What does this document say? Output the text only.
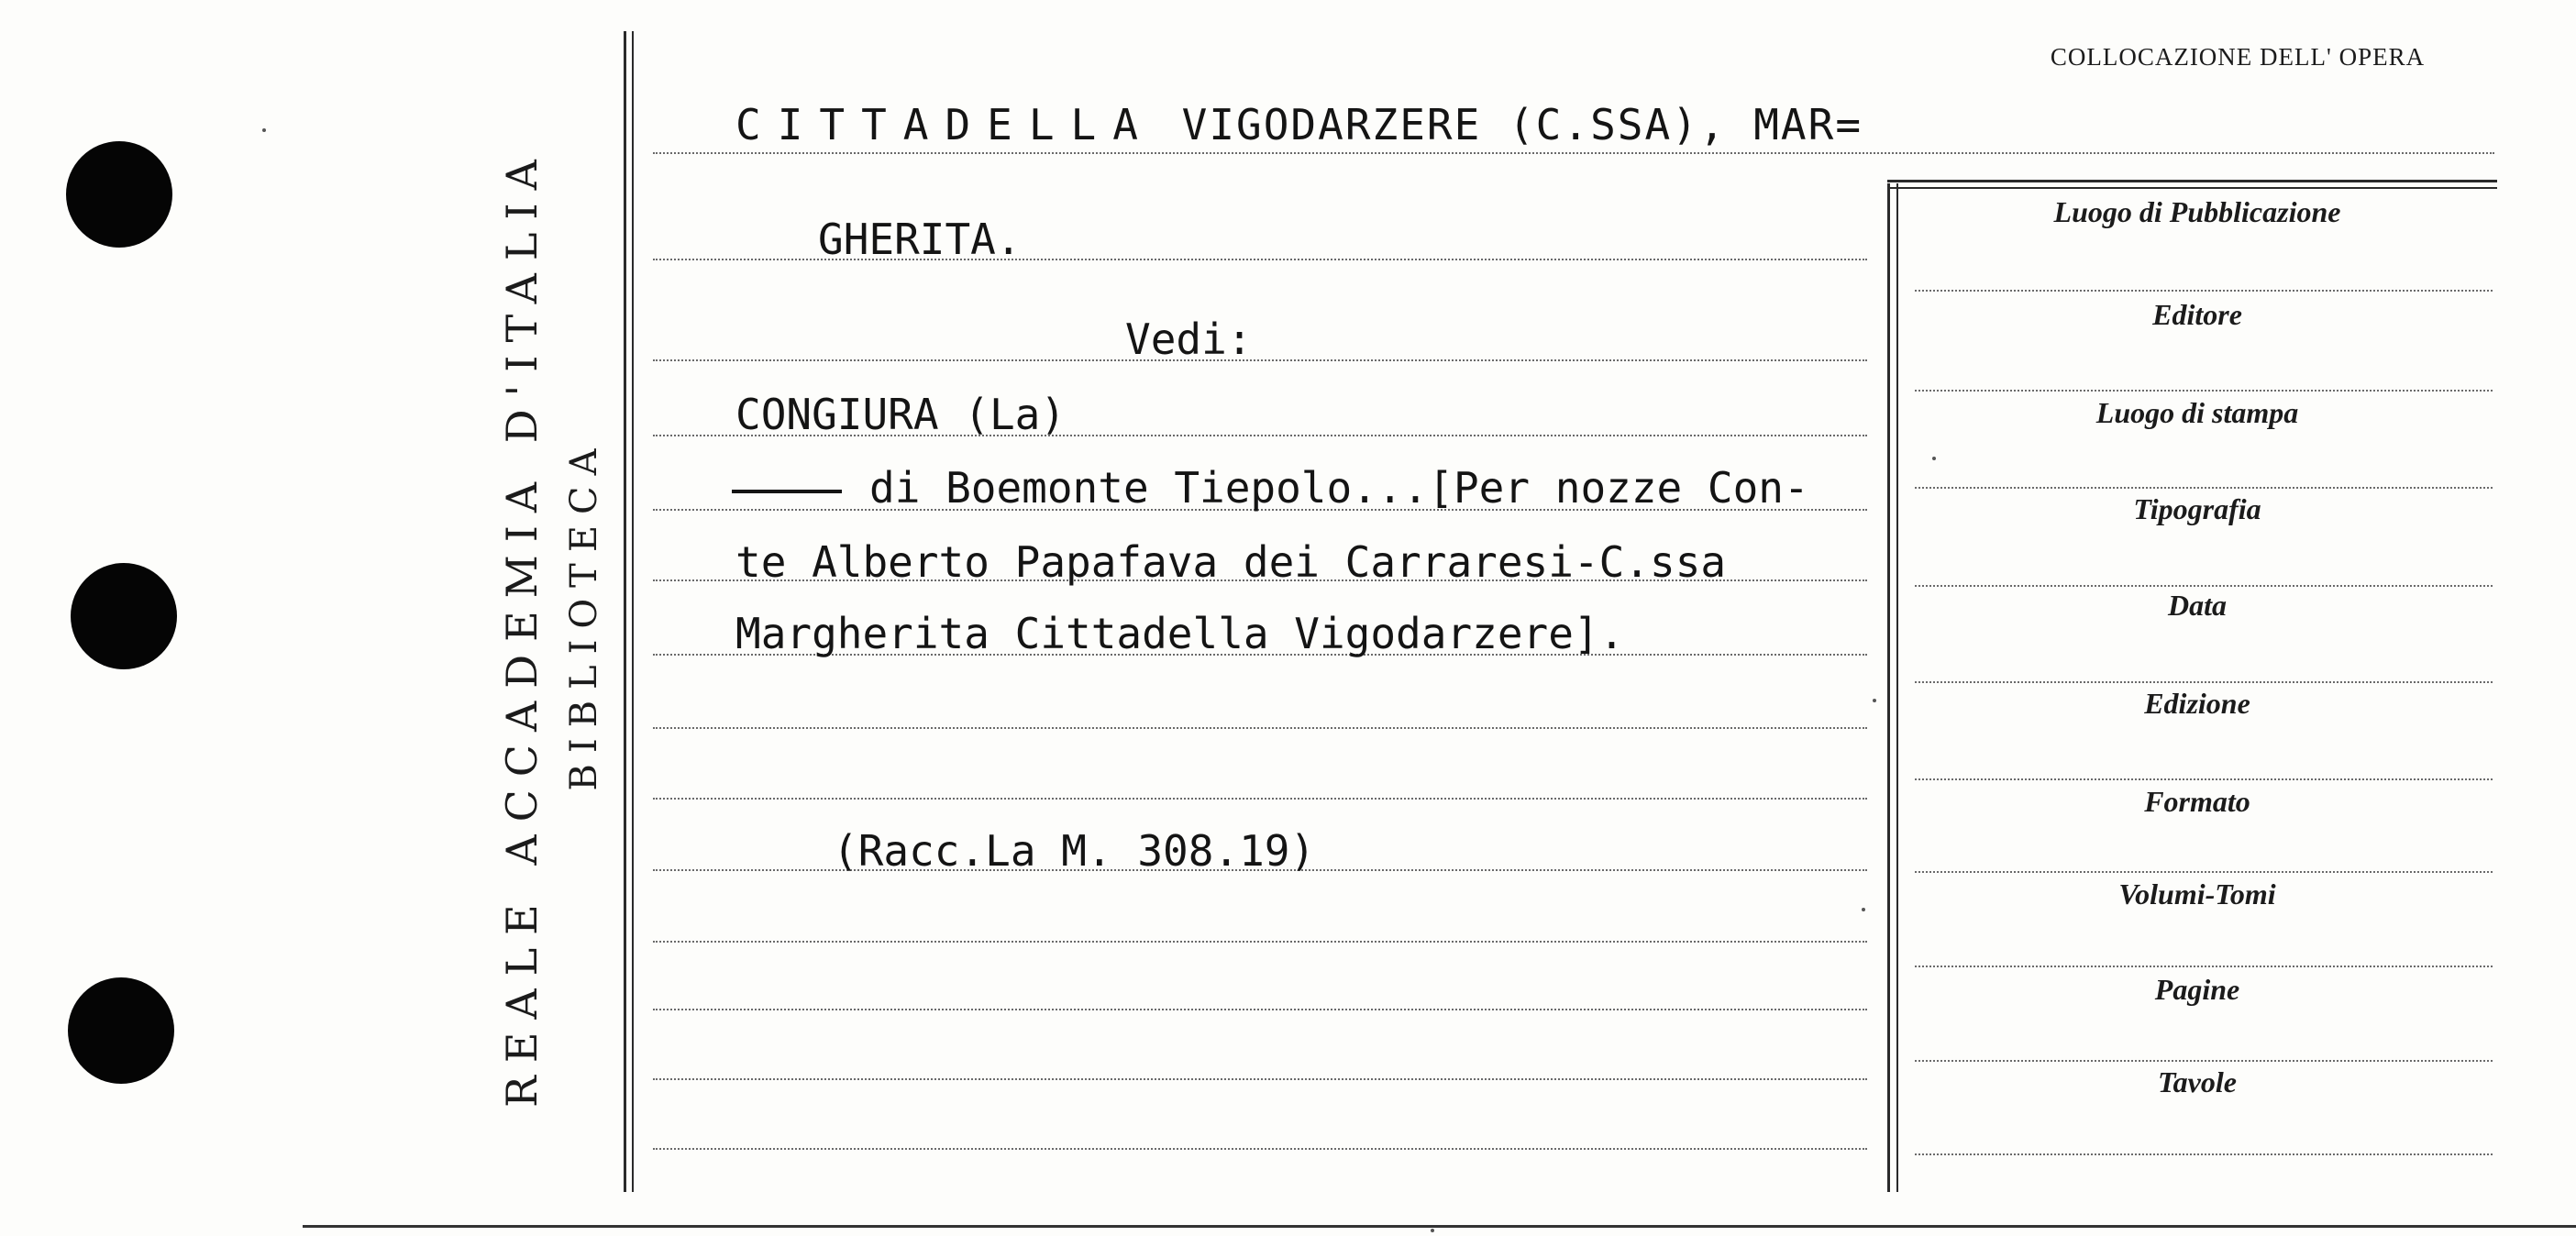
REALE ACCADEMIA D'ITALIA BIBLIOTECA
CITTADELLA VIGODARZERE (C.SSA), MAR=
GHERITA.
Vedi:
CONGIURA (La)
di Boemonte Tiepolo...[Per nozze Con-
te Alberto Papafava dei Carraresi-C.ssa
Margherita Cittadella Vigodarzere].
(Racc.La M. 308.19)
COLLOCAZIONE DELL' OPERA
Luogo di Pubblicazione
Editore
Luogo di stampa
Tipografia
Data
Edizione
Formato
Volumi-Tomi
Pagine
Tavole
